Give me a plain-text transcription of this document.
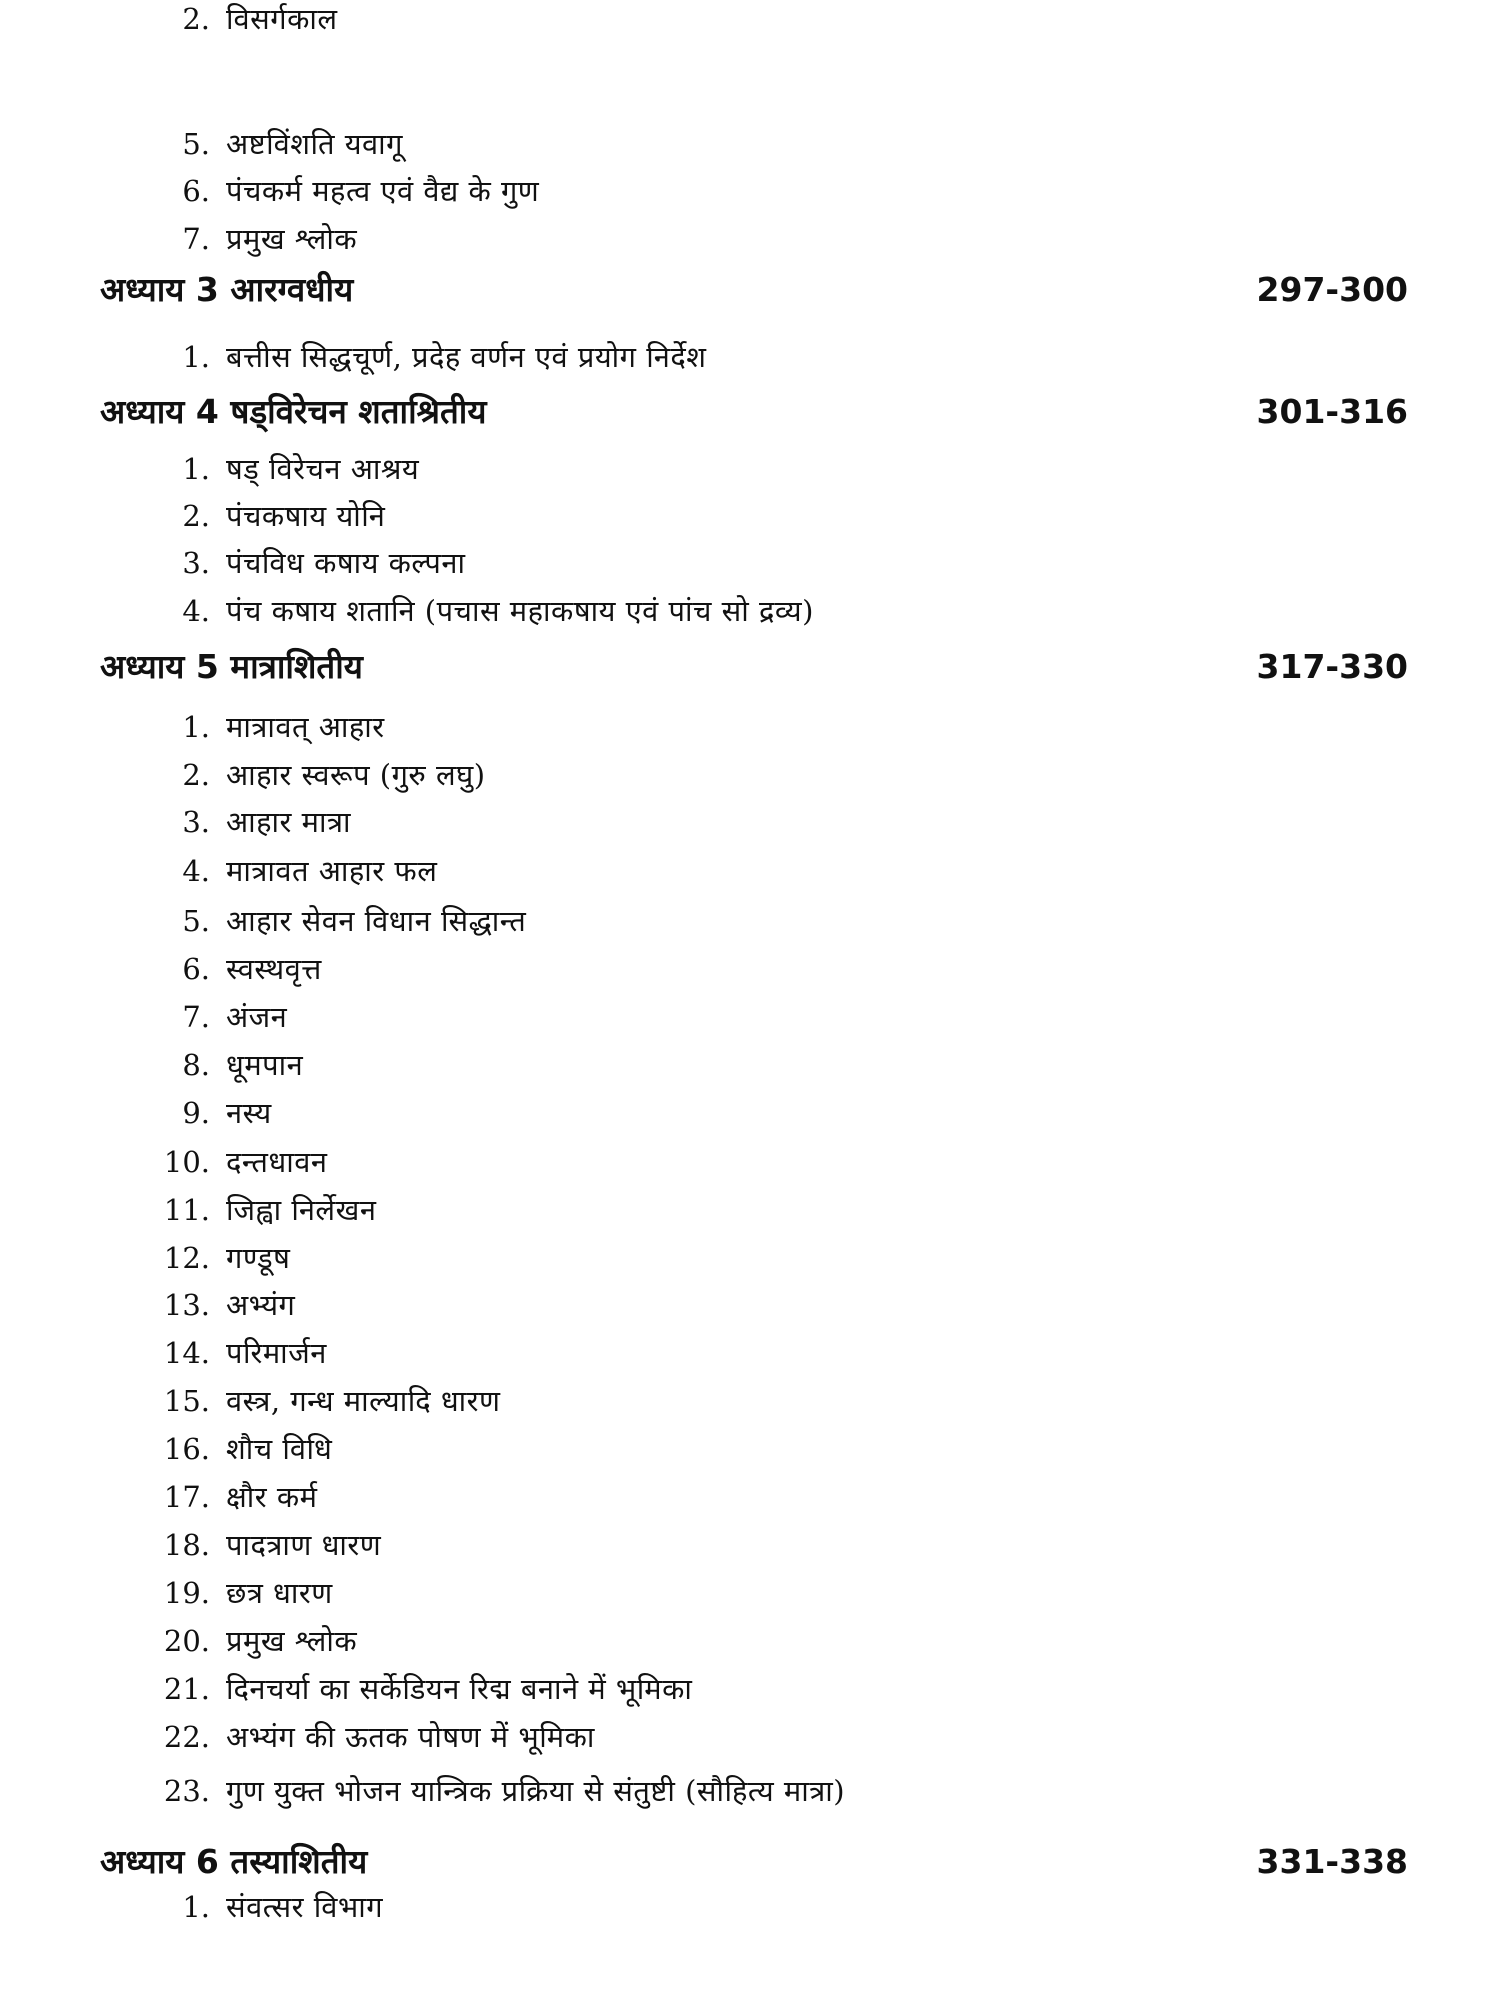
5. अष्टविंशति यवागू
6. पंचकर्म महत्व एवं वैद्य के गुण
7. प्रमुख श्लोक
अध्याय 3 आरग्वधीय	297-300
1. बत्तीस सिद्धचूर्ण, प्रदेह वर्णन एवं प्रयोग निर्देश
अध्याय 4 षड्विरेचन शताश्रितीय	301-316
1. षड् विरेचन आश्रय
2. पंचकषाय योनि
3. पंचविध कषाय कल्पना
4. पंच कषाय शतानि (पचास महाकषाय एवं पांच सो द्रव्य)
अध्याय 5 मात्राशितीय	317-330
1. मात्रावत् आहार
2. आहार स्वरूप (गुरु लघु)
3. आहार मात्रा
4. मात्रावत आहार फल
5. आहार सेवन विधान सिद्धान्त
6. स्वस्थवृत्त
7. अंजन
8. धूमपान
9. नस्य
10. दन्तधावन
11. जिह्वा निर्लेखन
12. गण्डूष
13. अभ्यंग
14. परिमार्जन
15. वस्त्र, गन्ध माल्यादि धारण
16. शौच विधि
17. क्षौर कर्म
18. पादत्राण धारण
19. छत्र धारण
20. प्रमुख श्लोक
21. दिनचर्या का सर्केडियन रिद्म बनाने में भूमिका
22. अभ्यंग की ऊतक पोषण में भूमिका
23. गुण युक्त भोजन यान्त्रिक प्रक्रिया से संतुष्टी (सौहित्य मात्रा)
अध्याय 6 तस्याशितीय	331-338
1. संवत्सर विभाग
2. विसर्गकाल
